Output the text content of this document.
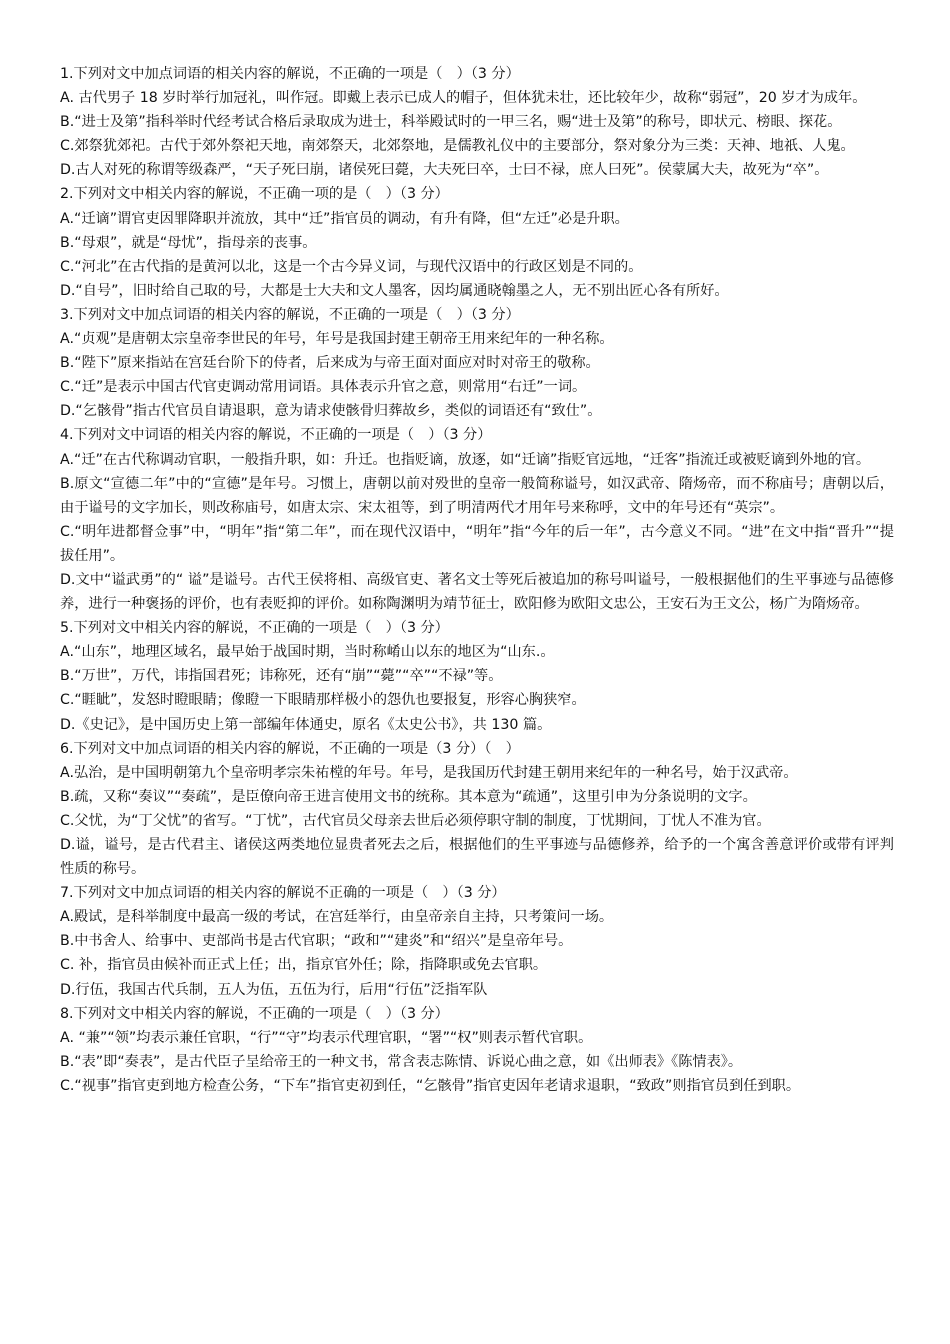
1.下列对文中加点词语的相关内容的解说，不正确的一项是（　）（3 分）

A. 古代男子 18 岁时举行加冠礼，叫作冠。即戴上表示已成人的帽子，但体犹未壮，还比较年少，故称“弱冠”，20 岁才为成年。

B.“进士及第”指科举时代经考试合格后录取成为进士，科举殿试时的一甲三名，赐“进士及第”的称号，即状元、榜眼、探花。

C.郊祭犹郊祀。古代于郊外祭祀天地，南郊祭天，北郊祭地，是儒教礼仪中的主要部分，祭对象分为三类：天神、地祇、人鬼。

D.古人对死的称谓等级森严，“天子死曰崩，诸侯死曰薨，大夫死曰卒，士曰不禄，庶人曰死”。侯蒙属大夫，故死为“卒”。

2.下列对文中相关内容的解说，不正确一项的是（　）（3 分）

A.“迁谪”谓官吏因罪降职并流放，其中“迁”指官员的调动，有升有降，但“左迁”必是升职。

B.“母艰”，就是“母忧”，指母亲的丧事。

C.“河北”在古代指的是黄河以北，这是一个古今异义词，与现代汉语中的行政区划是不同的。

D.“自号”，旧时给自己取的号，大都是士大夫和文人墨客，因均属通晓翰墨之人，无不别出匠心各有所好。

3.下列对文中加点词语的相关内容的解说，不正确的一项是（　）（3 分）

A.“贞观”是唐朝太宗皇帝李世民的年号，年号是我国封建王朝帝王用来纪年的一种名称。

B.“陛下”原来指站在宫廷台阶下的侍者，后来成为与帝王面对面应对时对帝王的敬称。

C.“迁”是表示中国古代官吏调动常用词语。具体表示升官之意，则常用“右迁”一词。

D.“乞骸骨”指古代官员自请退职，意为请求使骸骨归葬故乡，类似的词语还有“致仕”。

4.下列对文中词语的相关内容的解说，不正确的一项是（　）（3 分）

A.“迁”在古代称调动官职，一般指升职，如：升迁。也指贬谪，放逐，如“迁谪”指贬官远地，“迁客”指流迁或被贬谪到外地的官。

B.原文“宣德二年”中的“宣德”是年号。习惯上，唐朝以前对殁世的皇帝一般简称谥号，如汉武帝、隋炀帝，而不称庙号；唐朝以后，由于谥号的文字加长，则改称庙号，如唐太宗、宋太祖等，到了明清两代才用年号来称呼，文中的年号还有“英宗”。

C.“明年进都督佥事”中，“明年”指“第二年”，而在现代汉语中，“明年”指“今年的后一年”，古今意义不同。“进”在文中指“晋升”“提拔任用”。

D.文中“谥武勇”的“ 谥”是谥号。古代王侯将相、高级官吏、著名文士等死后被追加的称号叫谥号，一般根据他们的生平事迹与品德修养，进行一种褒扬的评价，也有表贬抑的评价。如称陶渊明为靖节征士，欧阳修为欧阳文忠公，王安石为王文公，杨广为隋炀帝。

5.下列对文中相关内容的解说，不正确的一项是（　）（3 分）

A.“山东”，地理区域名，最早始于战国时期，当时称崤山以东的地区为“山东.。

B.“万世”，万代，讳指国君死；讳称死，还有“崩”“薨”“卒”“不禄”等。

C.“睚眦”，发怒时瞪眼睛；像瞪一下眼睛那样极小的怨仇也要报复，形容心胸狭窄。

D.《史记》，是中国历史上第一部编年体通史，原名《太史公书》，共 130 篇。

6.下列对文中加点词语的相关内容的解说，不正确的一项是（3 分）（　）

A.弘治，是中国明朝第九个皇帝明孝宗朱祐樘的年号。年号，是我国历代封建王朝用来纪年的一种名号，始于汉武帝。

B.疏，又称“奏议”“奏疏”，是臣僚向帝王进言使用文书的统称。其本意为“疏通”，这里引申为分条说明的文字。

C.父忧，为“丁父忧”的省写。“丁忧”，古代官员父母亲去世后必须停职守制的制度，丁忧期间，丁忧人不准为官。

D.谥，谥号，是古代君主、诸侯这两类地位显贵者死去之后，根据他们的生平事迹与品德修养，给予的一个寓含善意评价或带有评判性质的称号。

7.下列对文中加点词语的相关内容的解说不正确的一项是（　）（3 分）

A.殿试，是科举制度中最高一级的考试，在宫廷举行，由皇帝亲自主持，只考策问一场。

B.中书舍人、给事中、吏部尚书是古代官职；“政和”“建炎”和“绍兴”是皇帝年号。

C. 补，指官员由候补而正式上任；出，指京官外任；除，指降职或免去官职。

D.行伍，我国古代兵制，五人为伍，五伍为行，后用“行伍”泛指军队

8.下列对文中相关内容的解说，不正确的一项是（　）（3 分）

A. “兼”“领”均表示兼任官职，“行”“守”均表示代理官职，“署”“权”则表示暂代官职。

B.“表”即“奏表”，是古代臣子呈给帝王的一种文书，常含表志陈情、诉说心曲之意，如《出师表》《陈情表》。

C.“视事”指官吏到地方检查公务，“下车”指官吏初到任，“乞骸骨”指官吏因年老请求退职，“致政”则指官员到任到职。
